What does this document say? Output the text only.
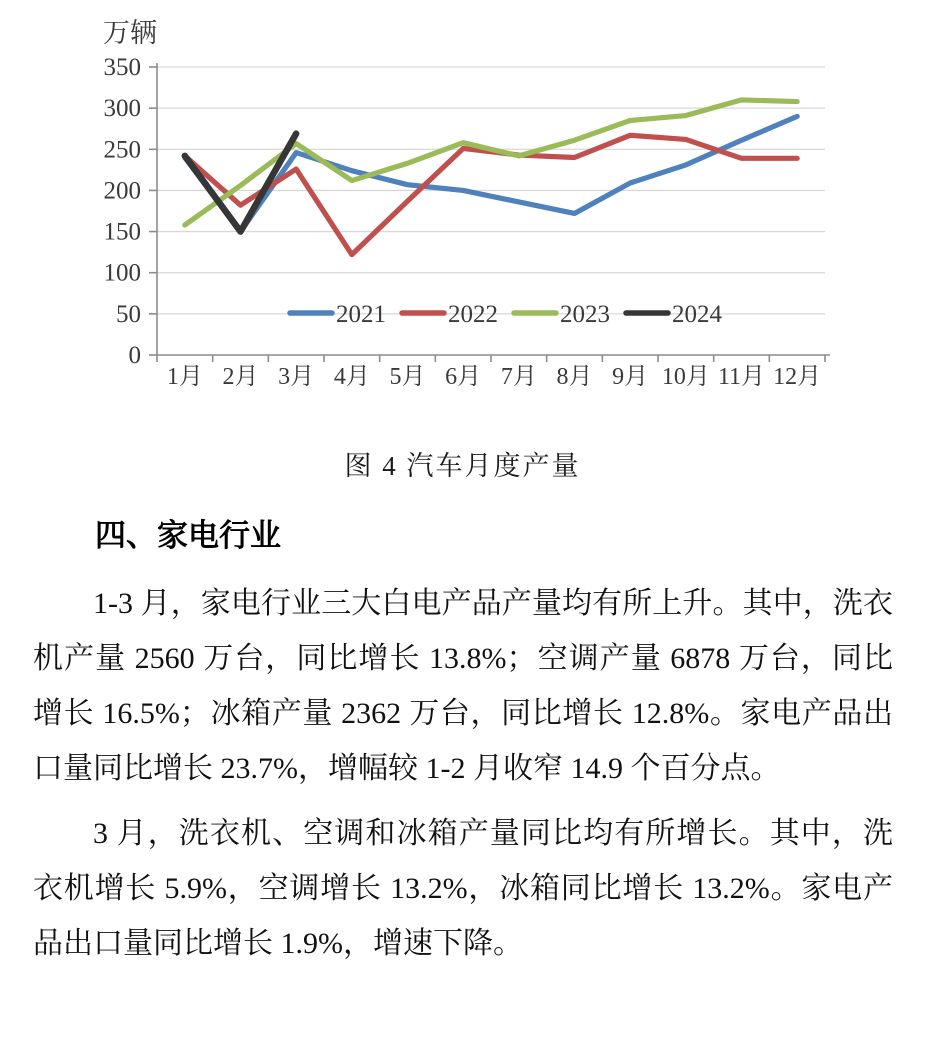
万辆
0
50
100
150
200
250
300
350
1月 2月 3月 4月 5月 6月 7月 8月 9月 10月 11月 12月
2021 2022 2023 2024

图 4 汽车月度产量

四、家电行业

1-3 月，家电行业三大白电产品产量均有所上升。其中，洗衣机产量 2560 万台，同比增长 13.8%；空调产量 6878 万台，同比增长 16.5%；冰箱产量 2362 万台，同比增长 12.8%。家电产品出口量同比增长 23.7%，增幅较 1-2 月收窄 14.9 个百分点。

3 月，洗衣机、空调和冰箱产量同比均有所增长。其中，洗衣机增长 5.9%，空调增长 13.2%，冰箱同比增长 13.2%。家电产品出口量同比增长 1.9%，增速下降。
